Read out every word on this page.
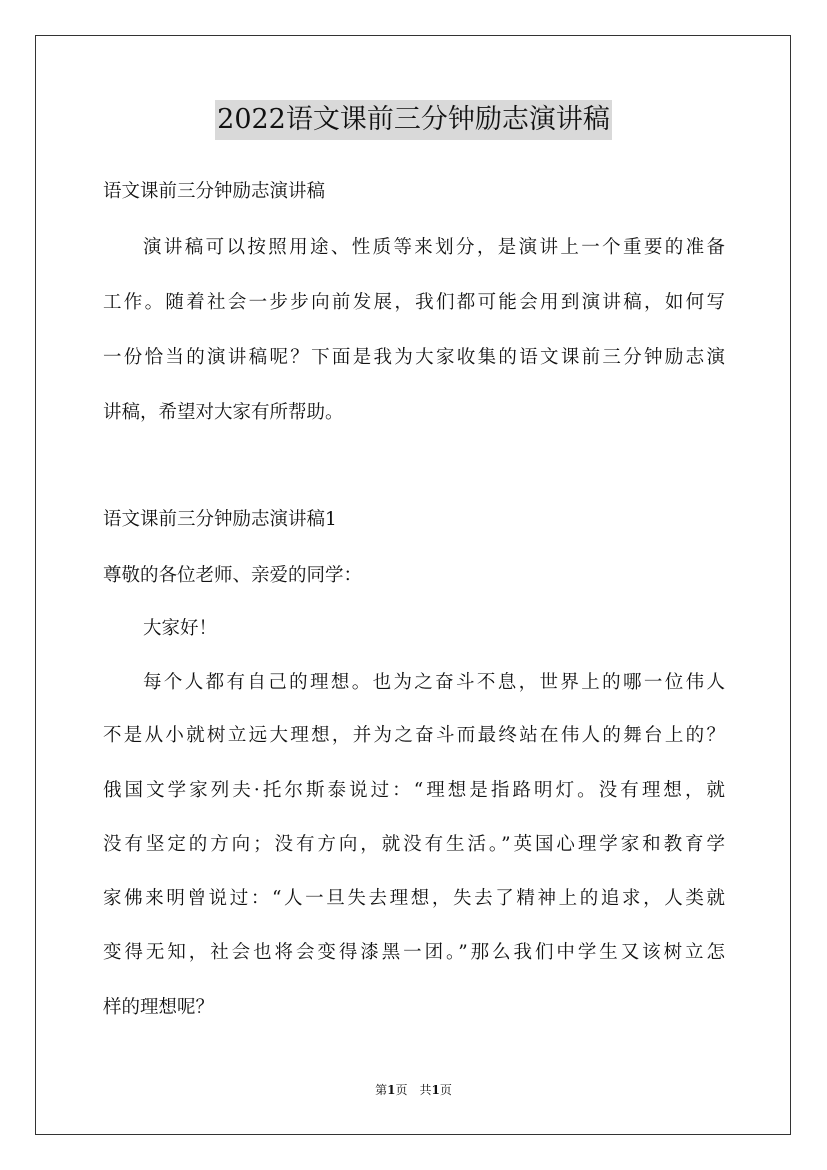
2022语文课前三分钟励志演讲稿
语文课前三分钟励志演讲稿
演讲稿可以按照用途、性质等来划分，是演讲上一个重要的准备
工作。随着社会一步步向前发展，我们都可能会用到演讲稿，如何写
一份恰当的演讲稿呢？下面是我为大家收集的语文课前三分钟励志演
讲稿，希望对大家有所帮助。
语文课前三分钟励志演讲稿1
尊敬的各位老师、亲爱的同学：
大家好！
每个人都有自己的理想。也为之奋斗不息，世界上的哪一位伟人
不是从小就树立远大理想，并为之奋斗而最终站在伟人的舞台上的？
俄国文学家列夫·托尔斯泰说过：“理想是指路明灯。没有理想，就
没有坚定的方向；没有方向，就没有生活。”英国心理学家和教育学
家佛来明曾说过：“人一旦失去理想，失去了精神上的追求，人类就
变得无知，社会也将会变得漆黑一团。”那么我们中学生又该树立怎
样的理想呢？
第1页　共1页
